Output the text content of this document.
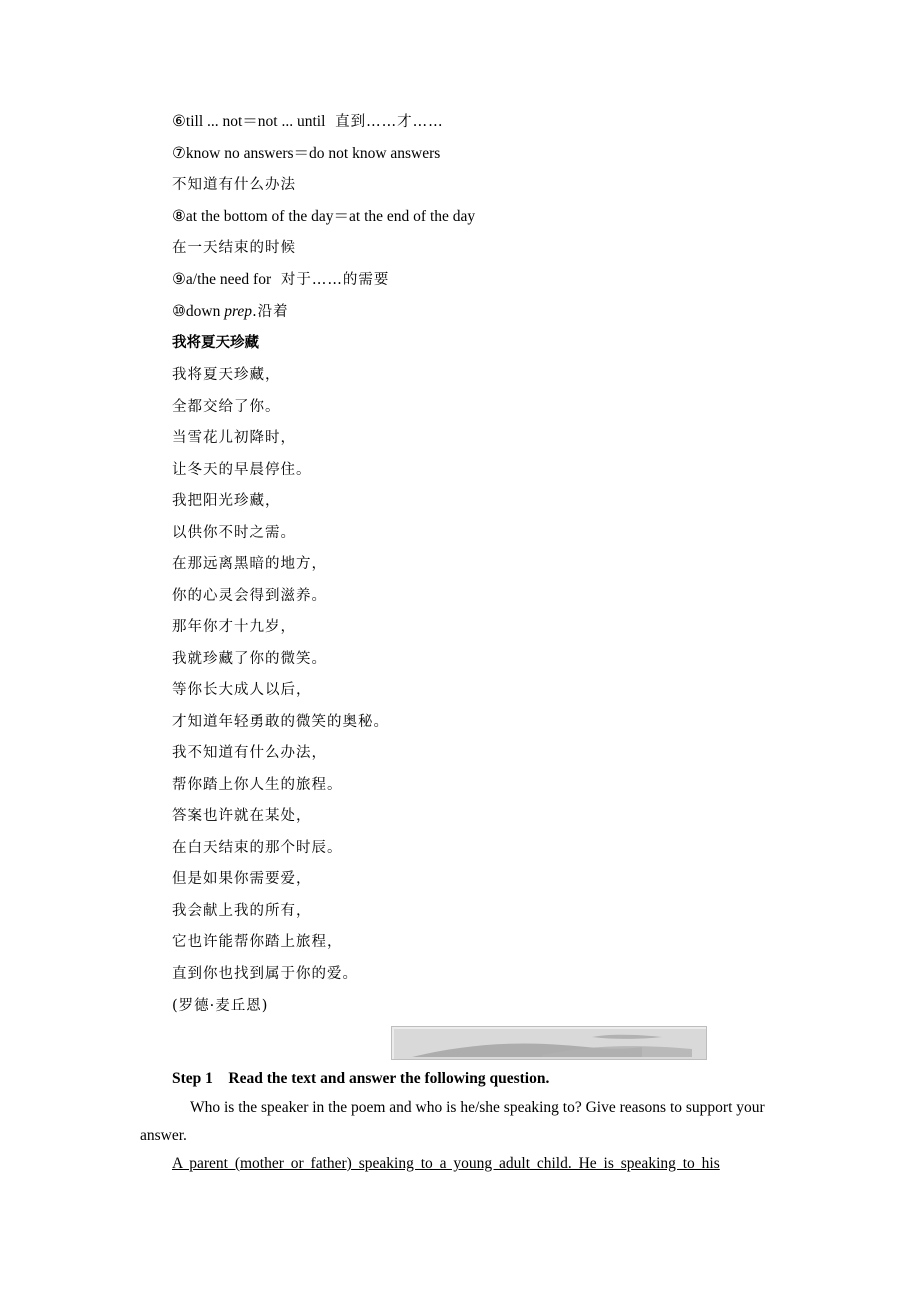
⑥till ... not＝not ... until 直到……才……
⑦know no answers＝do not know answers
不知道有什么办法
⑧at the bottom of the day＝at the end of the day
在一天结束的时候
⑨a/the need for 对于……的需要
⑩down prep.沿着
我将夏天珍藏
我将夏天珍藏，
全都交给了你。
当雪花儿初降时，
让冬天的早晨停住。
我把阳光珍藏，
以供你不时之需。
在那远离黑暗的地方，
你的心灵会得到滋养。
那年你才十九岁，
我就珍藏了你的微笑。
等你长大成人以后，
才知道年轻勇敢的微笑的奥秘。
我不知道有什么办法，
帮你踏上你人生的旅程。
答案也许就在某处，
在白天结束的那个时辰。
但是如果你需要爱，
我会献上我的所有，
它也许能帮你踏上旅程，
直到你也找到属于你的爱。
(罗德·麦丘恩)
Step 1　Read the text and answer the following question.
Who is the speaker in the poem and who is he/she speaking to? Give reasons to support your answer.
A parent (mother or father) speaking to a young adult child. He is speaking to his
